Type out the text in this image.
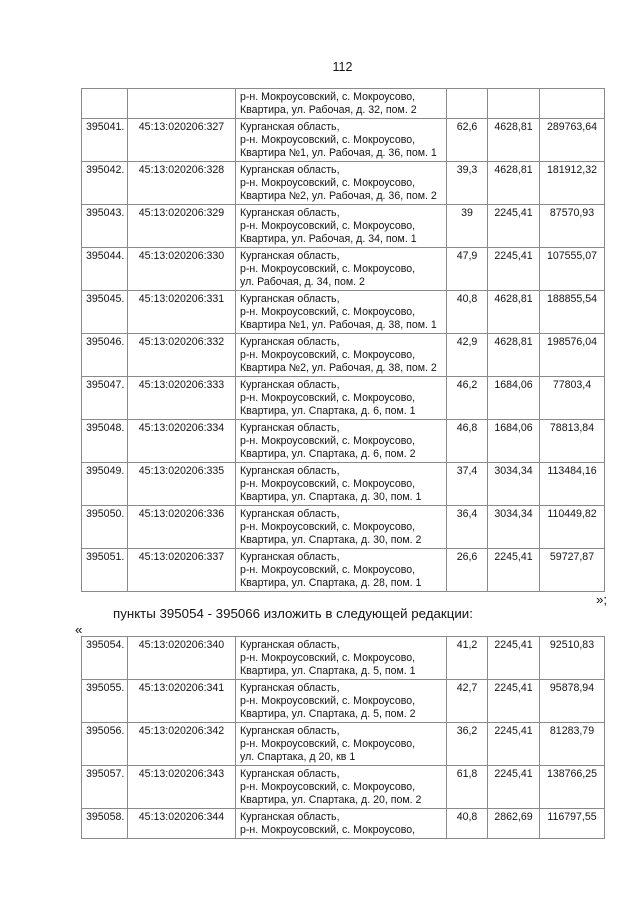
112

		р-н. Мокроусовский, с. Мокроусово,
Квартира, ул. Рабочая, д. 32, пом. 2			

395041.	45:13:020206:327	Курганская область,
р-н. Мокроусовский, с. Мокроусово,
Квартира №1, ул. Рабочая, д. 36, пом. 1	62,6	4628,81	289763,64
395042.	45:13:020206:328	Курганская область,
р-н. Мокроусовский, с. Мокроусово,
Квартира №2, ул. Рабочая, д. 36, пом. 2	39,3	4628,81	181912,32
395043.	45:13:020206:329	Курганская область,
р-н. Мокроусовский, с. Мокроусово,
Квартира, ул. Рабочая, д. 34, пом. 1	39	2245,41	87570,93
395044.	45:13:020206:330	Курганская область,
р-н. Мокроусовский, с. Мокроусово,
ул. Рабочая, д. 34, пом. 2	47,9	2245,41	107555,07
395045.	45:13:020206:331	Курганская область,
р-н. Мокроусовский, с. Мокроусово,
Квартира №1, ул. Рабочая, д. 38, пом. 1	40,8	4628,81	188855,54
395046.	45:13:020206:332	Курганская область,
р-н. Мокроусовский, с. Мокроусово,
Квартира №2, ул. Рабочая, д. 38, пом. 2	42,9	4628,81	198576,04
395047.	45:13:020206:333	Курганская область,
р-н. Мокроусовский, с. Мокроусово,
Квартира, ул. Спартака, д. 6, пом. 1	46,2	1684,06	77803,4
395048.	45:13:020206:334	Курганская область,
р-н. Мокроусовский, с. Мокроусово,
Квартира, ул. Спартака, д. 6, пом. 2	46,8	1684,06	78813,84
395049.	45:13:020206:335	Курганская область,
р-н. Мокроусовский, с. Мокроусово,
Квартира, ул. Спартака, д. 30, пом. 1	37,4	3034,34	113484,16
395050.	45:13:020206:336	Курганская область,
р-н. Мокроусовский, с. Мокроусово,
Квартира, ул. Спартака, д. 30, пом. 2	36,4	3034,34	110449,82
395051.	45:13:020206:337	Курганская область,
р-н. Мокроусовский, с. Мокроусово,
Квартира, ул. Спартака, д. 28, пом. 1	26,6	2245,41	59727,87
»;
пункты 395054 - 395066 изложить в следующей редакции:
«
395054.	45:13:020206:340	Курганская область,
р-н. Мокроусовский, с. Мокроусово,
Квартира, ул. Спартака, д. 5, пом. 1	41,2	2245,41	92510,83
395055.	45:13:020206:341	Курганская область,
р-н. Мокроусовский, с. Мокроусово,
Квартира, ул. Спартака, д. 5, пом. 2	42,7	2245,41	95878,94
395056.	45:13:020206:342	Курганская область,
р-н. Мокроусовский, с. Мокроусово,
ул. Спартака, д 20, кв 1	36,2	2245,41	81283,79
395057.	45:13:020206:343	Курганская область,
р-н. Мокроусовский, с. Мокроусово,
Квартира, ул. Спартака, д. 20, пом. 2	61,8	2245,41	138766,25
395058.	45:13:020206:344	Курганская область,
р-н. Мокроусовский, с. Мокроусово,	40,8	2862,69	116797,55
